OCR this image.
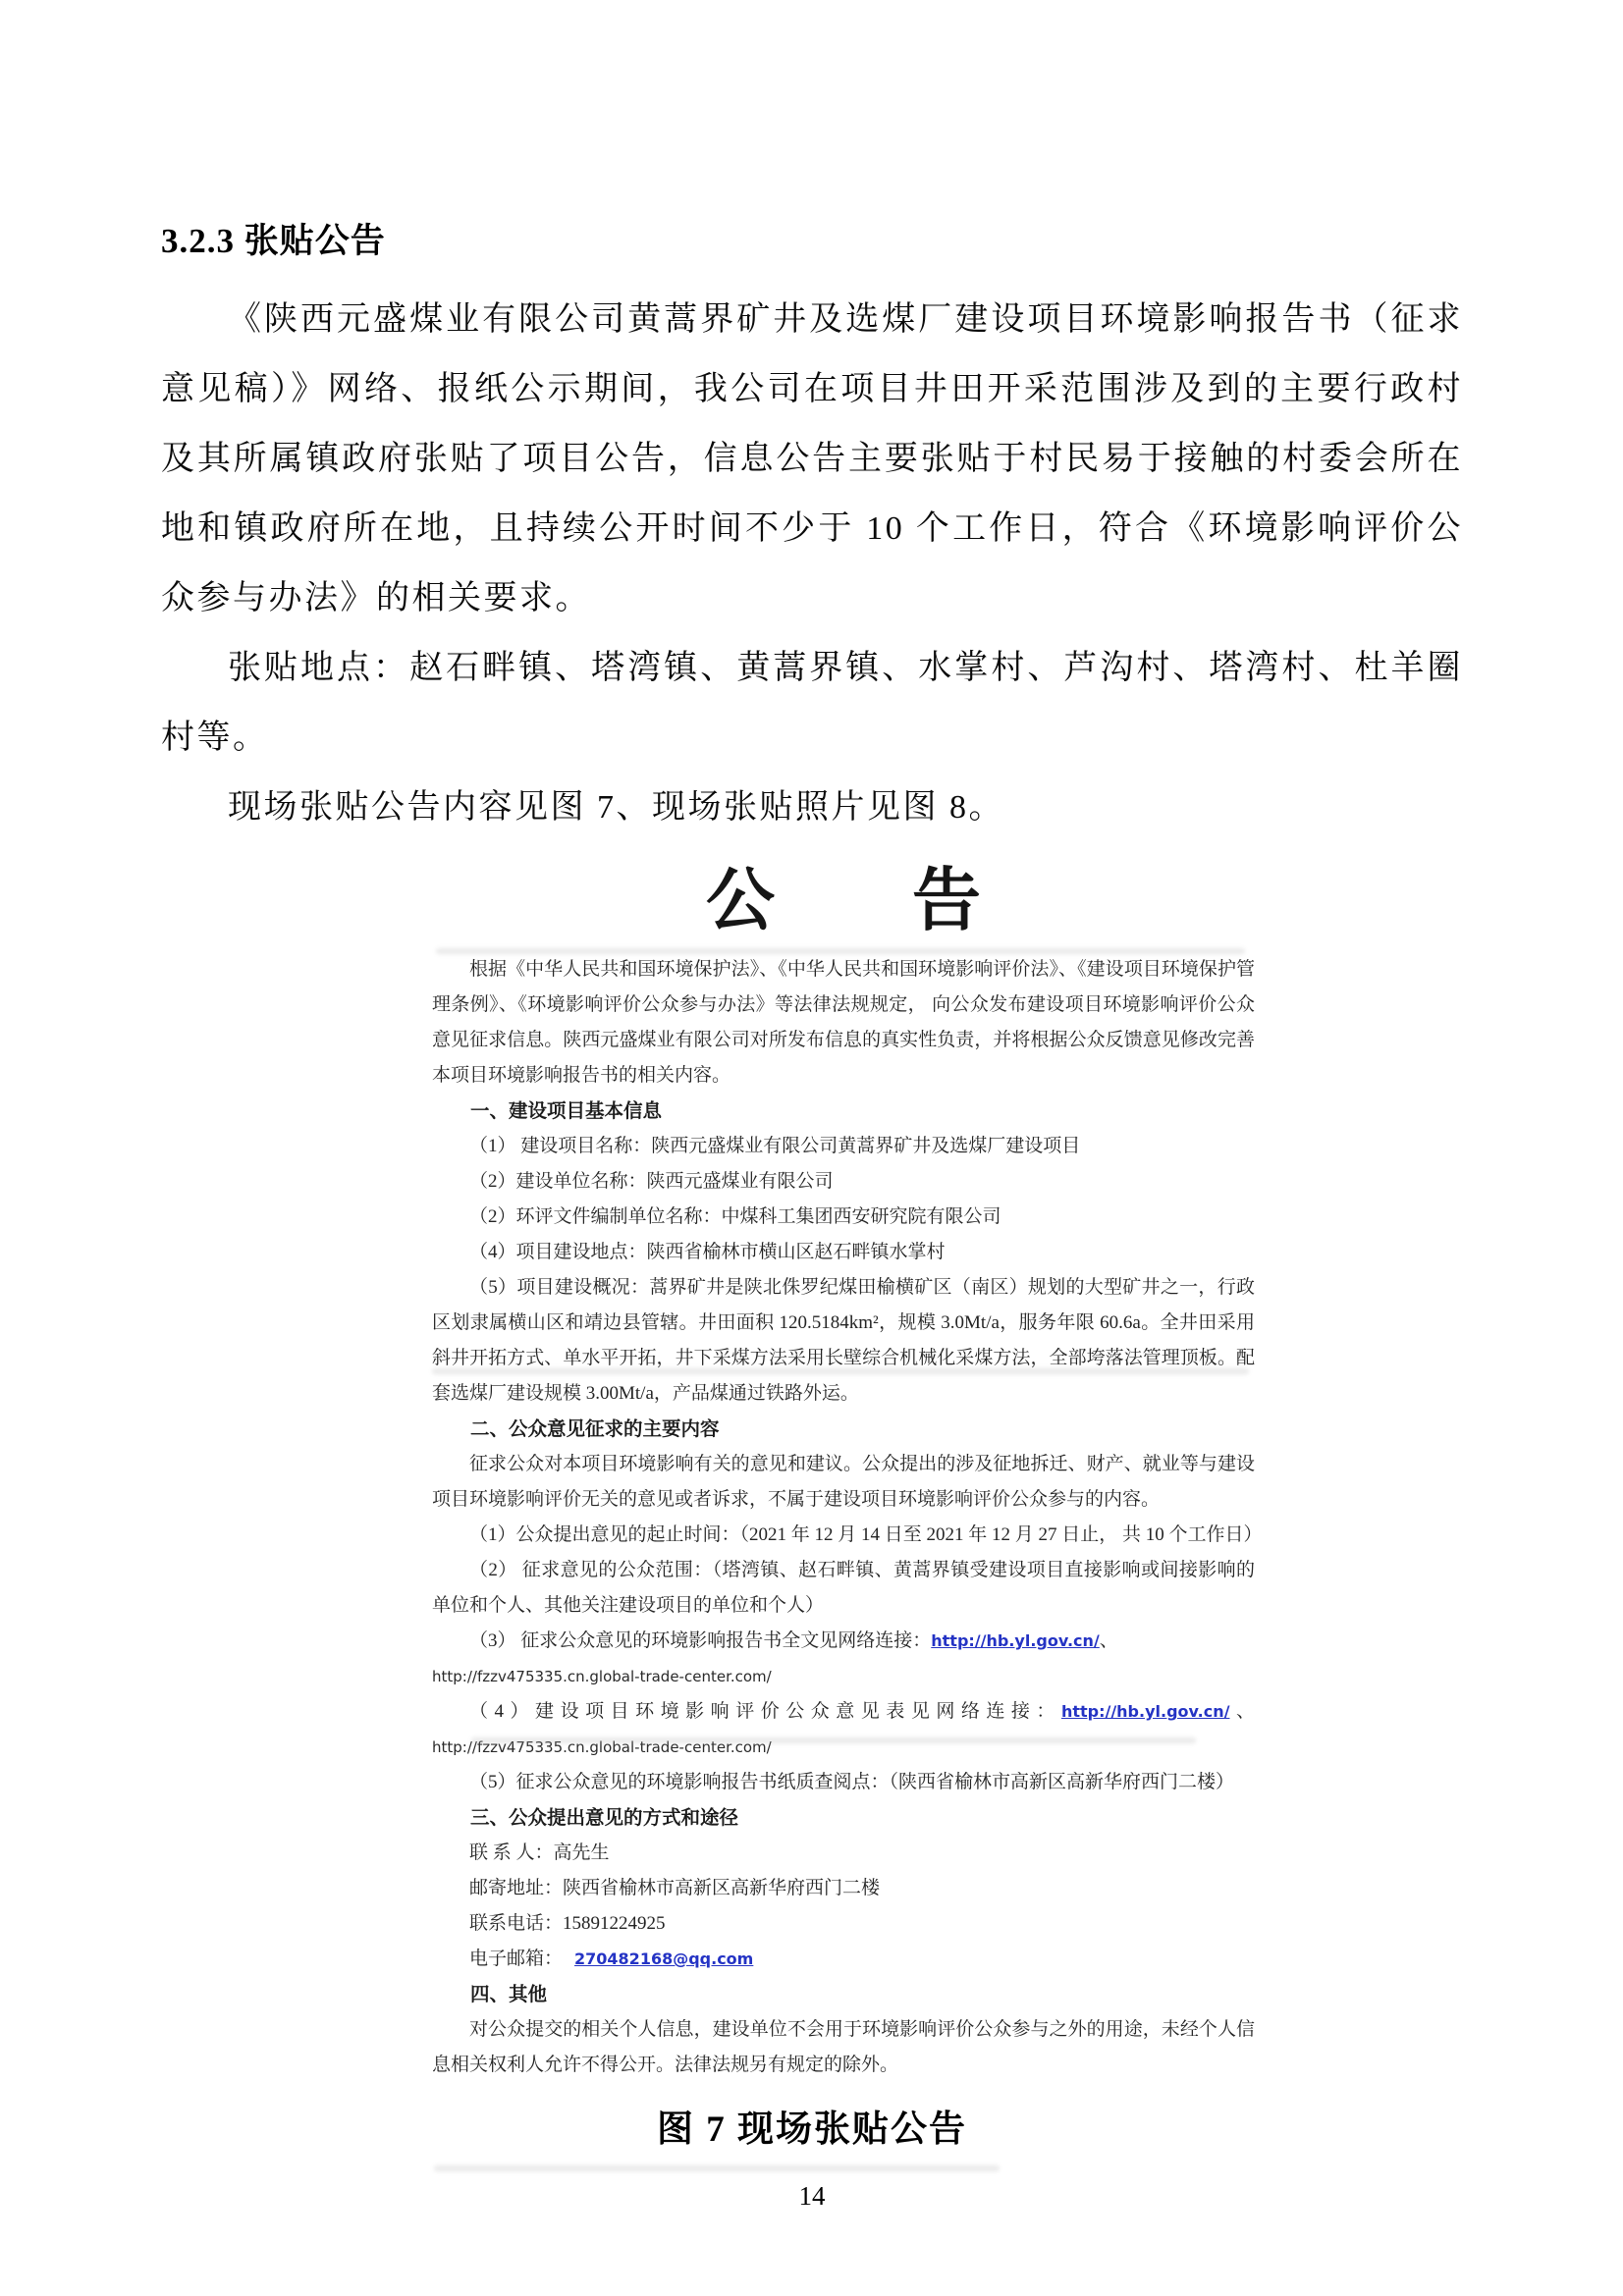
3.2.3 张贴公告

《陕西元盛煤业有限公司黄蒿界矿井及选煤厂建设项目环境影响报告书（征求意见稿）》网络、报纸公示期间，我公司在项目井田开采范围涉及到的主要行政村及其所属镇政府张贴了项目公告，信息公告主要张贴于村民易于接触的村委会所在地和镇政府所在地，且持续公开时间不少于 10 个工作日，符合《环境影响评价公众参与办法》的相关要求。

张贴地点：赵石畔镇、塔湾镇、黄蒿界镇、水掌村、芦沟村、塔湾村、杜羊圈村等。

现场张贴公告内容见图 7、现场张贴照片见图 8。

公　　告

根据《中华人民共和国环境保护法》、《中华人民共和国环境影响评价法》、《建设项目环境保护管理条例》、《环境影响评价公众参与办法》等法律法规规定， 向公众发布建设项目环境影响评价公众意见征求信息。陕西元盛煤业有限公司对所发布信息的真实性负责，并将根据公众反馈意见修改完善本项目环境影响报告书的相关内容。

一、建设项目基本信息

（1） 建设项目名称：陕西元盛煤业有限公司黄蒿界矿井及选煤厂建设项目

（2）建设单位名称：陕西元盛煤业有限公司

（2）环评文件编制单位名称：中煤科工集团西安研究院有限公司

（4）项目建设地点：陕西省榆林市横山区赵石畔镇水掌村

（5）项目建设概况：蒿界矿井是陕北侏罗纪煤田榆横矿区（南区）规划的大型矿井之一，行政区划隶属横山区和靖边县管辖。井田面积 120.5184km²，规模 3.0Mt/a，服务年限 60.6a。全井田采用斜井开拓方式、单水平开拓，井下采煤方法采用长壁综合机械化采煤方法，全部垮落法管理顶板。配套选煤厂建设规模 3.00Mt/a，产品煤通过铁路外运。

二、公众意见征求的主要内容

征求公众对本项目环境影响有关的意见和建议。公众提出的涉及征地拆迁、财产、就业等与建设项目环境影响评价无关的意见或者诉求，不属于建设项目环境影响评价公众参与的内容。

（1）公众提出意见的起止时间：（2021 年 12 月 14 日至 2021 年 12 月 27 日止， 共 10 个工作日）

（2） 征求意见的公众范围：（塔湾镇、赵石畔镇、黄蒿界镇受建设项目直接影响或间接影响的单位和个人、其他关注建设项目的单位和个人）

（3） 征求公众意见的环境影响报告书全文见网络连接：http://hb.yl.gov.cn/、

http://fzzv475335.cn.global-trade-center.com/

（4）建设项目环境影响评价公众意见表见网络连接：http://hb.yl.gov.cn/、 http://fzzv475335.cn.global-trade-center.com/

（5）征求公众意见的环境影响报告书纸质查阅点：（陕西省榆林市高新区高新华府西门二楼）

三、公众提出意见的方式和途径

联 系 人：高先生

邮寄地址：陕西省榆林市高新区高新华府西门二楼

联系电话：15891224925

电子邮箱： 270482168@qq.com

四、其他

对公众提交的相关个人信息，建设单位不会用于环境影响评价公众参与之外的用途，未经个人信息相关权利人允许不得公开。法律法规另有规定的除外。

图 7 现场张贴公告
14
